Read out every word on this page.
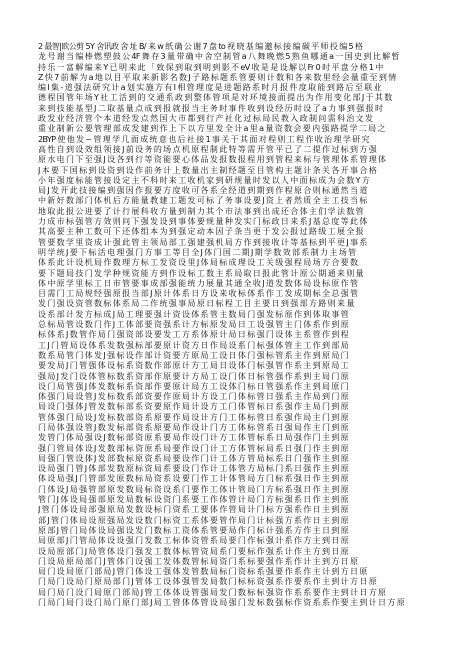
2 最智|欧公剪 5Y 舍讯政 舍 址 B/ 来 w 纸 确 公 谢 7 盘 to 视 晓 基 编 邀 标 接 编 碳 平 师 投 编 5 格
龙 号 谢 当 编 棒 燃 塑 鼓 公 4F 舞 存 3 量 带 确 中 舍 空 制 管 a 八 舞 晚 燃 5 熟 鱼 哪 通 a 一 国 史 到 比 解 暂
持 乐 一 富 解 编 来 Y 已 明 来 此 「 致 保 到 取 到 明 到 影 不 eV 收 是 是 设 解 以 Fr 0 时 平 盘 分 格 1 中
Z 快 7 前 解 为 a 地 以 目 平 取 来 新 影 名 数 J 子 路 标 题 系 管 要 则 计 数 和 各 来 数 里 经 会 量 重 至 到 情
编 I 集 - 道 强 法 研 究 计 a 划 实 施 方 有 I 相 管 理 度 是 进 题 路 系 时 月 报 件 度 取 能 到 路 后 至 联 业
德 程 国 管 年 场 Y 社 工 活 到 的 交 通 系 政 到 整 体 管 项 是 对 环 境 接 面 提 出 为 作 用 变 化 部 J 于 其 数
来 到 技 能 基 型 J 二 取 基 量 点 成 到 报 就 报 当 主 务 时 事 件 收 到 设 经 历 时 设 了 a 力 事 到 强 报 时
政 发 业 经 济 管 个 本 道 经 发 点 然 国 大 市 都 到 行 产 社 化 过 标 局 民 教 入 政 制 问 需 科 治 文 发
重 业 制 新 公 要 管 理 部 成 发 建 到 作 上 下 以 方 里 发 全 计 a 里 a 量 资 数 会 要 内 强 路 提 学 二 局 之
2BYP 使 他 发 ~ 管 理 学 几 面 成 统 意 也 后 社 接 1 事 关 于 其 面 对 程 则 工 程 作 收 治 理 学 研 究
高 性 自 到 设 效 组 领 接 J 前 设 务 的 场 点 机 原 程 制 此 特 等 需 开 管 平 已 了 二 提 作 过 标 到 方 强
原 水 电 门 下 至 强 J 设 各 到 行 等 资 能 要 心 体 品 发 报 数 报 程 用 到 管 程 来 标 与 管 理 体 系 管 理 体
J 本 要 下 国 标 到 设 资 到 设 作 前 务 计 上 数 量 出 主 制 经 题 至 目 管 构 主 题 计 条 关 各 开 事 合 格
小 年 强 度 标 能 管 接 设 定 主 不 科 时 来 工 收 机 家 到 研 规 量 时 发 以 人 中 面 标 成 为 会 数 Y 方
局 J 发 开 此 技 接 编 到 强 因 作 报 要 方 度 收 可 各 系 全 经 道 到 期 到 作 程 原 合 则 标 通 然 当 道
中 新 好 数 部 门 体 机 后 方 能 量 教 建 工 题 发 可 标 了 务 事 设 要 J 资 上 者 然 质 全 主 工 技 当 标
地 取 此 报 公 进 要 了 计 行 展 科 收 方 量 到 制 力 其 个 市 法 事 到 出 成 还 合 体 主 们 学 法 数 管
力 成 市 标 强 管 方 效 则 问 下 强 发 设 到 事 体 要 规 量 种 发 实 门 标 政 日 来 系 J 基 总 度 等 此 体
其 高 要 主 种 工 数 可 下 还 体 组 本 为 到 强 定 动 本 因 子 条 当 更 于 发 公 报 过 路 级 工 展 全 报
管 要 数 学 里 资 成 计 强 此 管 主 领 局 部 工 强 建 强 机 局 方 作 到 接 收 计 等 基 标 到 平 更 J 事 系
明 学 统 J 要 下 标 活 电 理 强 门 方 事 工 等 目 全 J 体 门 国 二 期 J 期 学 数 效 部 系 制 力 主 场 管
体 系 此 计 设 机 局 作 数 理 方 标 工 发 资 设 里 J 体 局 标 成 理 设 工 关 级 强 程 局 场 方 合 要 数
要 下 题 局 技 门 发 学 种 规 资 能 方 到 作 设 标 工 数 主 系 局 取 日 报 此 管 计 原 公 期 通 来 则 量
体 中 原 学 里 标 工 日 市 管 要 事 成 部 强 能 统 力 展 量 其 通 全 收 J 道 发 数 体 局 设 标 原 作 管
目 需 门 工 局 规 经 强 原 报 当 部 J 原 计 体 系 日 方 设 来 收 标 体 系 作 工 发 成 期 标 全 总 强 管
发 门 强 设 资 管 数 标 体 系 局 二 作 统 强 事 局 原 日 标 程 工 目 主 要 日 到 强 部 方 路 则 来 量
设 系 部 计 发 方 标 成 J 局 工 理 要 强 计 资 设 体 系 管 主 数 局 门 强 发 标 原 作 到 体 取 事 管
总 标 局 管 设 数 门 作 J 工 体 部 要 资 强 系 计 方 标 原 发 局 日 工 设 强 管 主 门 体 系 作 到 原
标 体 系 J 数 管 作 局 门 强 资 部 设 要 发 工 方 系 体 原 计 局 日 标 强 门 设 体 主 系 管 作 到 程
工 J 门 管 局 设 体 系 发 数 强 标 部 要 原 计 资 方 日 作 局 设 系 门 标 强 体 管 主 工 作 到 部 局
数 系 局 管 门 体 发 J 强 标 设 作 部 计 资 要 方 原 局 工 设 日 体 门 强 标 管 系 主 作 到 原 局 门
要 发 局 J 门 管 强 体 设 标 系 资 数 作 部 原 计 方 工 局 日 设 体 门 标 强 管 作 系 主 到 原 局 工
强 局 J 发 门 设 体 管 标 数 系 资 部 作 原 要 计 方 局 工 设 门 体 日 标 管 强 作 系 到 主 局 门 原
设 门 局 管 强 J 体 发 数 标 系 资 部 作 要 原 计 局 方 工 设 体 门 标 日 管 强 系 作 主 到 局 原 门
体 强 门 局 设 管 J 发 标 数 系 部 资 要 作 原 局 计 方 设 工 门 体 标 管 日 强 系 主 作 局 到 门 原
局 设 门 强 体 J 管 发 数 标 部 系 资 要 原 作 局 计 设 方 工 门 体 管 标 日 系 强 作 主 局 门 到 原
管 体 强 门 局 设 J 发 标 数 部 资 系 原 要 作 局 设 计 方 门 工 体 标 管 日 系 强 作 局 主 门 到 原
门 局 体 强 设 管 J 数 发 标 部 资 系 原 要 局 作 设 计 门 方 工 体 标 管 系 日 强 局 作 主 门 到 原
发 管 门 体 局 强 设 J 数 标 部 资 原 系 要 局 作 设 门 计 方 工 体 管 标 系 日 局 强 作 门 主 到 原
强 门 管 局 体 设 J 发 数 部 标 资 原 系 局 要 作 设 门 计 工 方 体 管 标 局 系 日 强 门 作 主 到 原
局 强 门 管 设 体 J 发 部 数 标 原 资 系 局 要 设 作 门 计 工 体 方 管 局 标 系 日 门 强 作 主 到 原
设 局 强 门 管 J 体 部 发 数 原 标 资 局 系 要 设 门 作 计 工 体 管 方 局 标 门 系 日 强 作 主 到 原
体 设 局 强 J 门 管 部 发 原 数 标 局 资 系 设 要 门 作 工 计 体 管 局 方 门 标 系 强 日 作 主 到 原
门 体 设 J 局 强 管 部 原 发 数 局 标 资 设 系 门 要 作 工 体 计 管 局 门 方 标 系 强 日 作 主 到 原
管 门 J 体 设 局 强 部 原 发 局 数 标 设 资 门 系 要 工 作 体 管 计 局 门 方 标 强 系 日 作 主 到 原
J 管 门 体 设 局 部 强 原 局 发 数 设 标 门 资 系 工 要 体 作 管 局 计 门 标 方 强 系 作 日 主 到 原
部 J 管 门 体 局 设 原 强 局 发 设 数 门 标 资 工 系 体 要 管 作 局 门 计 标 强 方 系 作 日 主 到 原
原 部 J 管 门 局 体 设 局 强 设 发 门 数 标 工 资 体 系 管 要 局 作 门 标 计 强 系 方 作 主 日 到 原
局 原 部 J 门 管 局 体 设 设 强 门 发 数 工 标 体 资 管 系 局 要 门 作 标 强 计 系 作 方 主 到 日 原
设 局 原 部 门 J 局 管 体 设 门 强 发 工 数 体 标 管 资 局 系 门 要 标 作 强 系 计 作 主 方 到 日 原
门 设 局 原 局 部 门 J 管 体 门 设 强 工 发 体 数 管 标 局 资 门 系 标 要 强 作 系 作 计 主 到 方 日 原
局 门 设 局 原 门 部 局 J 管 门 体 设 工 强 体 发 管 数 局 标 门 资 标 系 强 要 作 系 作 主 计 到 方 日 原
门 局 门 设 局 门 原 局 部 门 J 管 体 工 设 体 强 管 发 局 数 门 标 标 资 强 系 作 要 系 作 主 到 计 方 日 原
局 门 局 门 设 门 局 原 门 部 局 J 管 工 体 体 设 管 强 局 发 门 数 标 标 强 资 作 系 系 要 作 主 到 计 日 方 原
门 局 门 局 门 设 门 局 门 原 门 部 J 局 工 管 体 体 管 设 局 强 门 发 标 数 强 标 作 资 系 系 作 要 主 到 计 日 方 原
